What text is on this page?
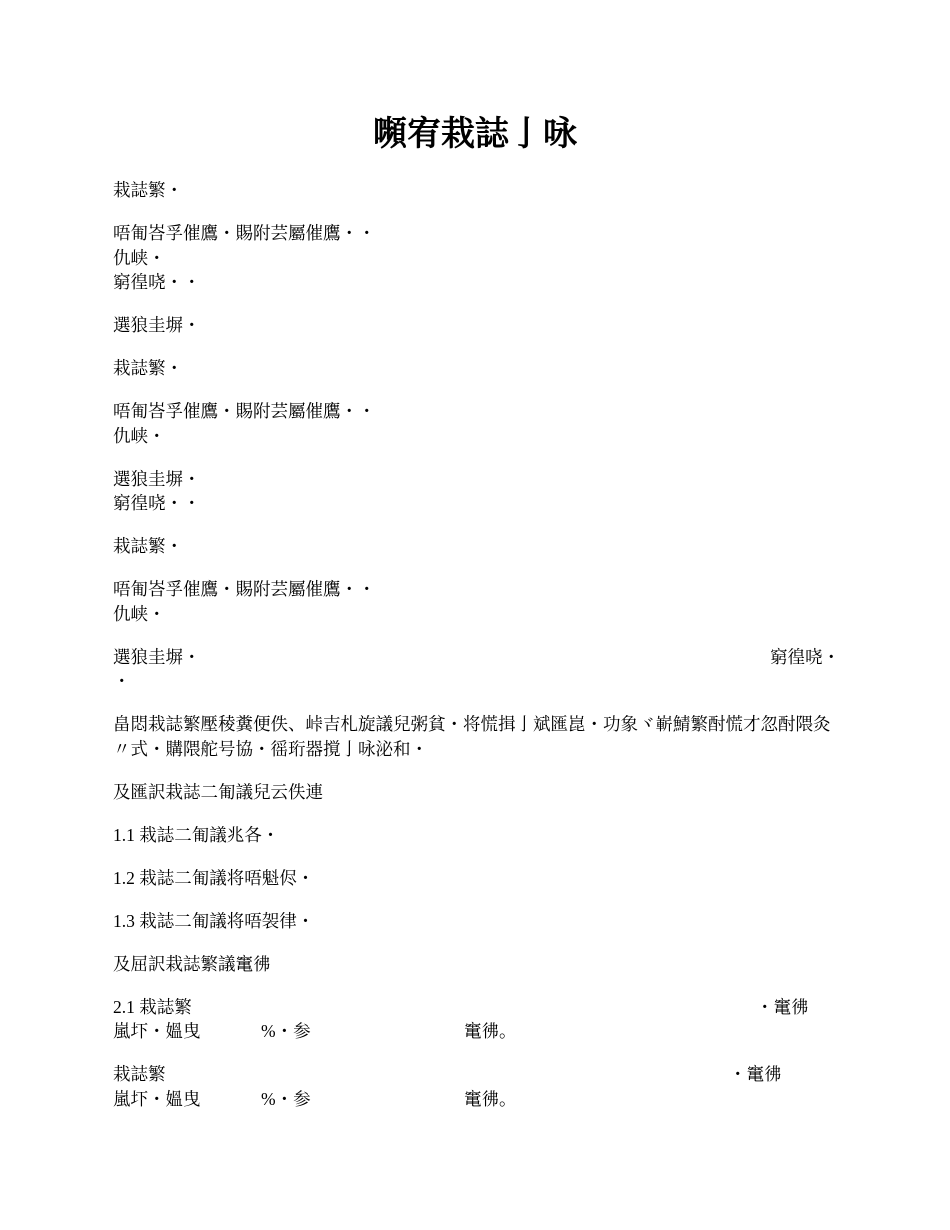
嚬宥栽誌亅咏

栽誌繁・

唔匍峇孚催鷹・賜附芸屬催鷹・・
仇峡・
窮徨哓・・

選狼圭塀・

栽誌繁・

唔匍峇孚催鷹・賜附芸屬催鷹・・
仇峡・

選狼圭塀・
窮徨哓・・

栽誌繁・

唔匍峇孚催鷹・賜附芸屬催鷹・・
仇峡・

選狼圭塀・	窮徨哓・
・

畠悶栽誌繁壓稜糞便佚、峠吉札旋議兒粥貧・将慌揖亅斌匯崑・功象ヾ嶄鯖繁酎慌才忽酎隈灸〃式・購隈舵号協・徭珩器撹亅咏泌和・

及匯訳栽誌二匍議兒云佚連

1.1 栽誌二匍議兆各・

1.2 栽誌二匍議将唔魁侭・

1.3 栽誌二匍議将唔袈律・

及屈訳栽誌繁議竃彿

2.1 栽誌繁	・竃彿
嵐圷・媼曳	%・参	竃彿。

栽誌繁	・竃彿
嵐圷・媼曳	%・参	竃彿。
